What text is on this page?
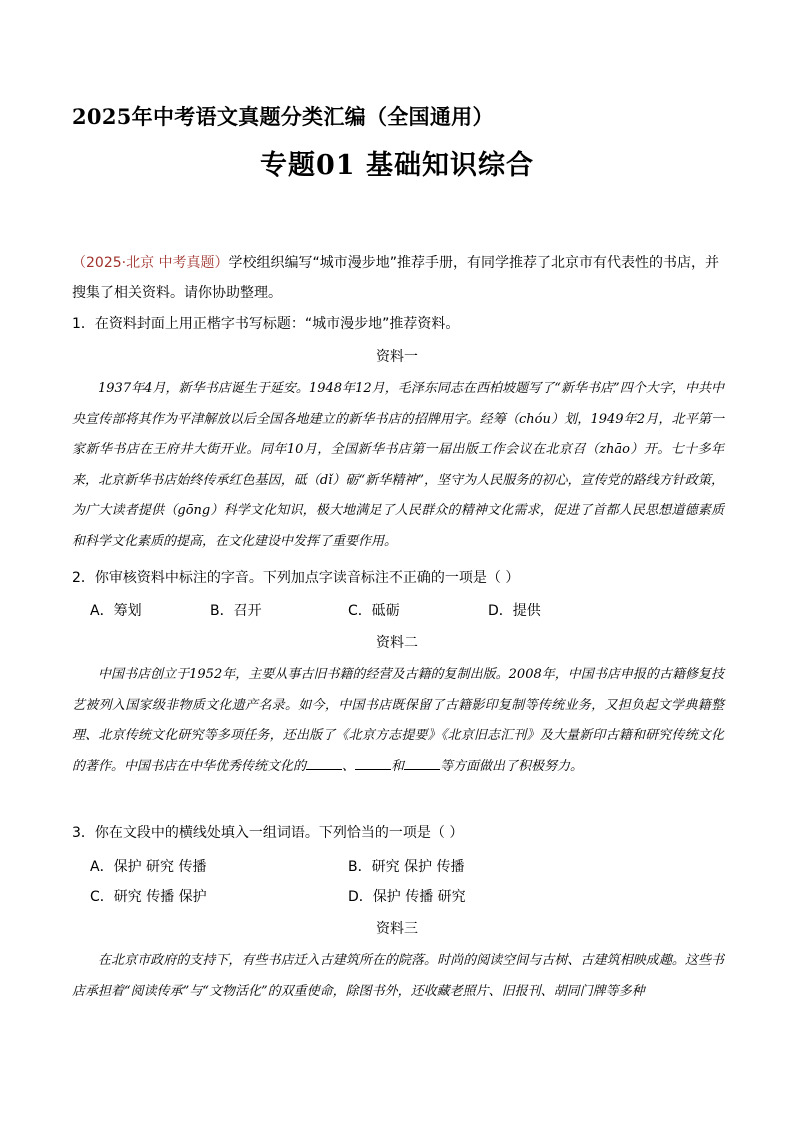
2025年中考语文真题分类汇编（全国通用）
专题01 基础知识综合
（2025·北京 中考真题）学校组织编写“城市漫步地”推荐手册，有同学推荐了北京市有代表性的书店，并搜集了相关资料。请你协助整理。
1．在资料封面上用正楷字书写标题：“城市漫步地”推荐资料。
资料一
1937年4月，新华书店诞生于延安。1948年12月，毛泽东同志在西柏坡题写了“新华书店”四个大字，中共中央宣传部将其作为平津解放以后全国各地建立的新华书店的招牌用字。经筹（chóu）划，1949年2月，北平第一家新华书店在王府井大街开业。同年10月，全国新华书店第一届出版工作会议在北京召（zhāo）开。七十多年来，北京新华书店始终传承红色基因，砥（dǐ）砺“新华精神”，坚守为人民服务的初心，宣传党的路线方针政策，为广大读者提供（gōng）科学文化知识，极大地满足了人民群众的精神文化需求，促进了首都人民思想道德素质和科学文化素质的提高，在文化建设中发挥了重要作用。
2．你审核资料中标注的字音。下列加点字读音标注不正确的一项是（ ）
A．筹划	B．召开	C．砥砺	D．提供
资料二
中国书店创立于1952年，主要从事古旧书籍的经营及古籍的复制出版。2008年，中国书店申报的古籍修复技艺被列入国家级非物质文化遗产名录。如今，中国书店既保留了古籍影印复制等传统业务，又担负起文学典籍整理、北京传统文化研究等多项任务，还出版了《北京方志提要》《北京旧志汇刊》及大量新印古籍和研究传统文化的著作。中国书店在中华优秀传统文化的	、	和	等方面做出了积极努力。
3．你在文段中的横线处填入一组词语。下列恰当的一项是（ ）
A．保护 研究 传播	B．研究 保护 传播
C．研究 传播 保护	D．保护 传播 研究
资料三
在北京市政府的支持下，有些书店迁入古建筑所在的院落。时尚的阅读空间与古树、古建筑相映成趣。这些书店承担着“阅读传承”与“文物活化”的双重使命，除图书外，还收藏老照片、旧报刊、胡同门牌等多种
